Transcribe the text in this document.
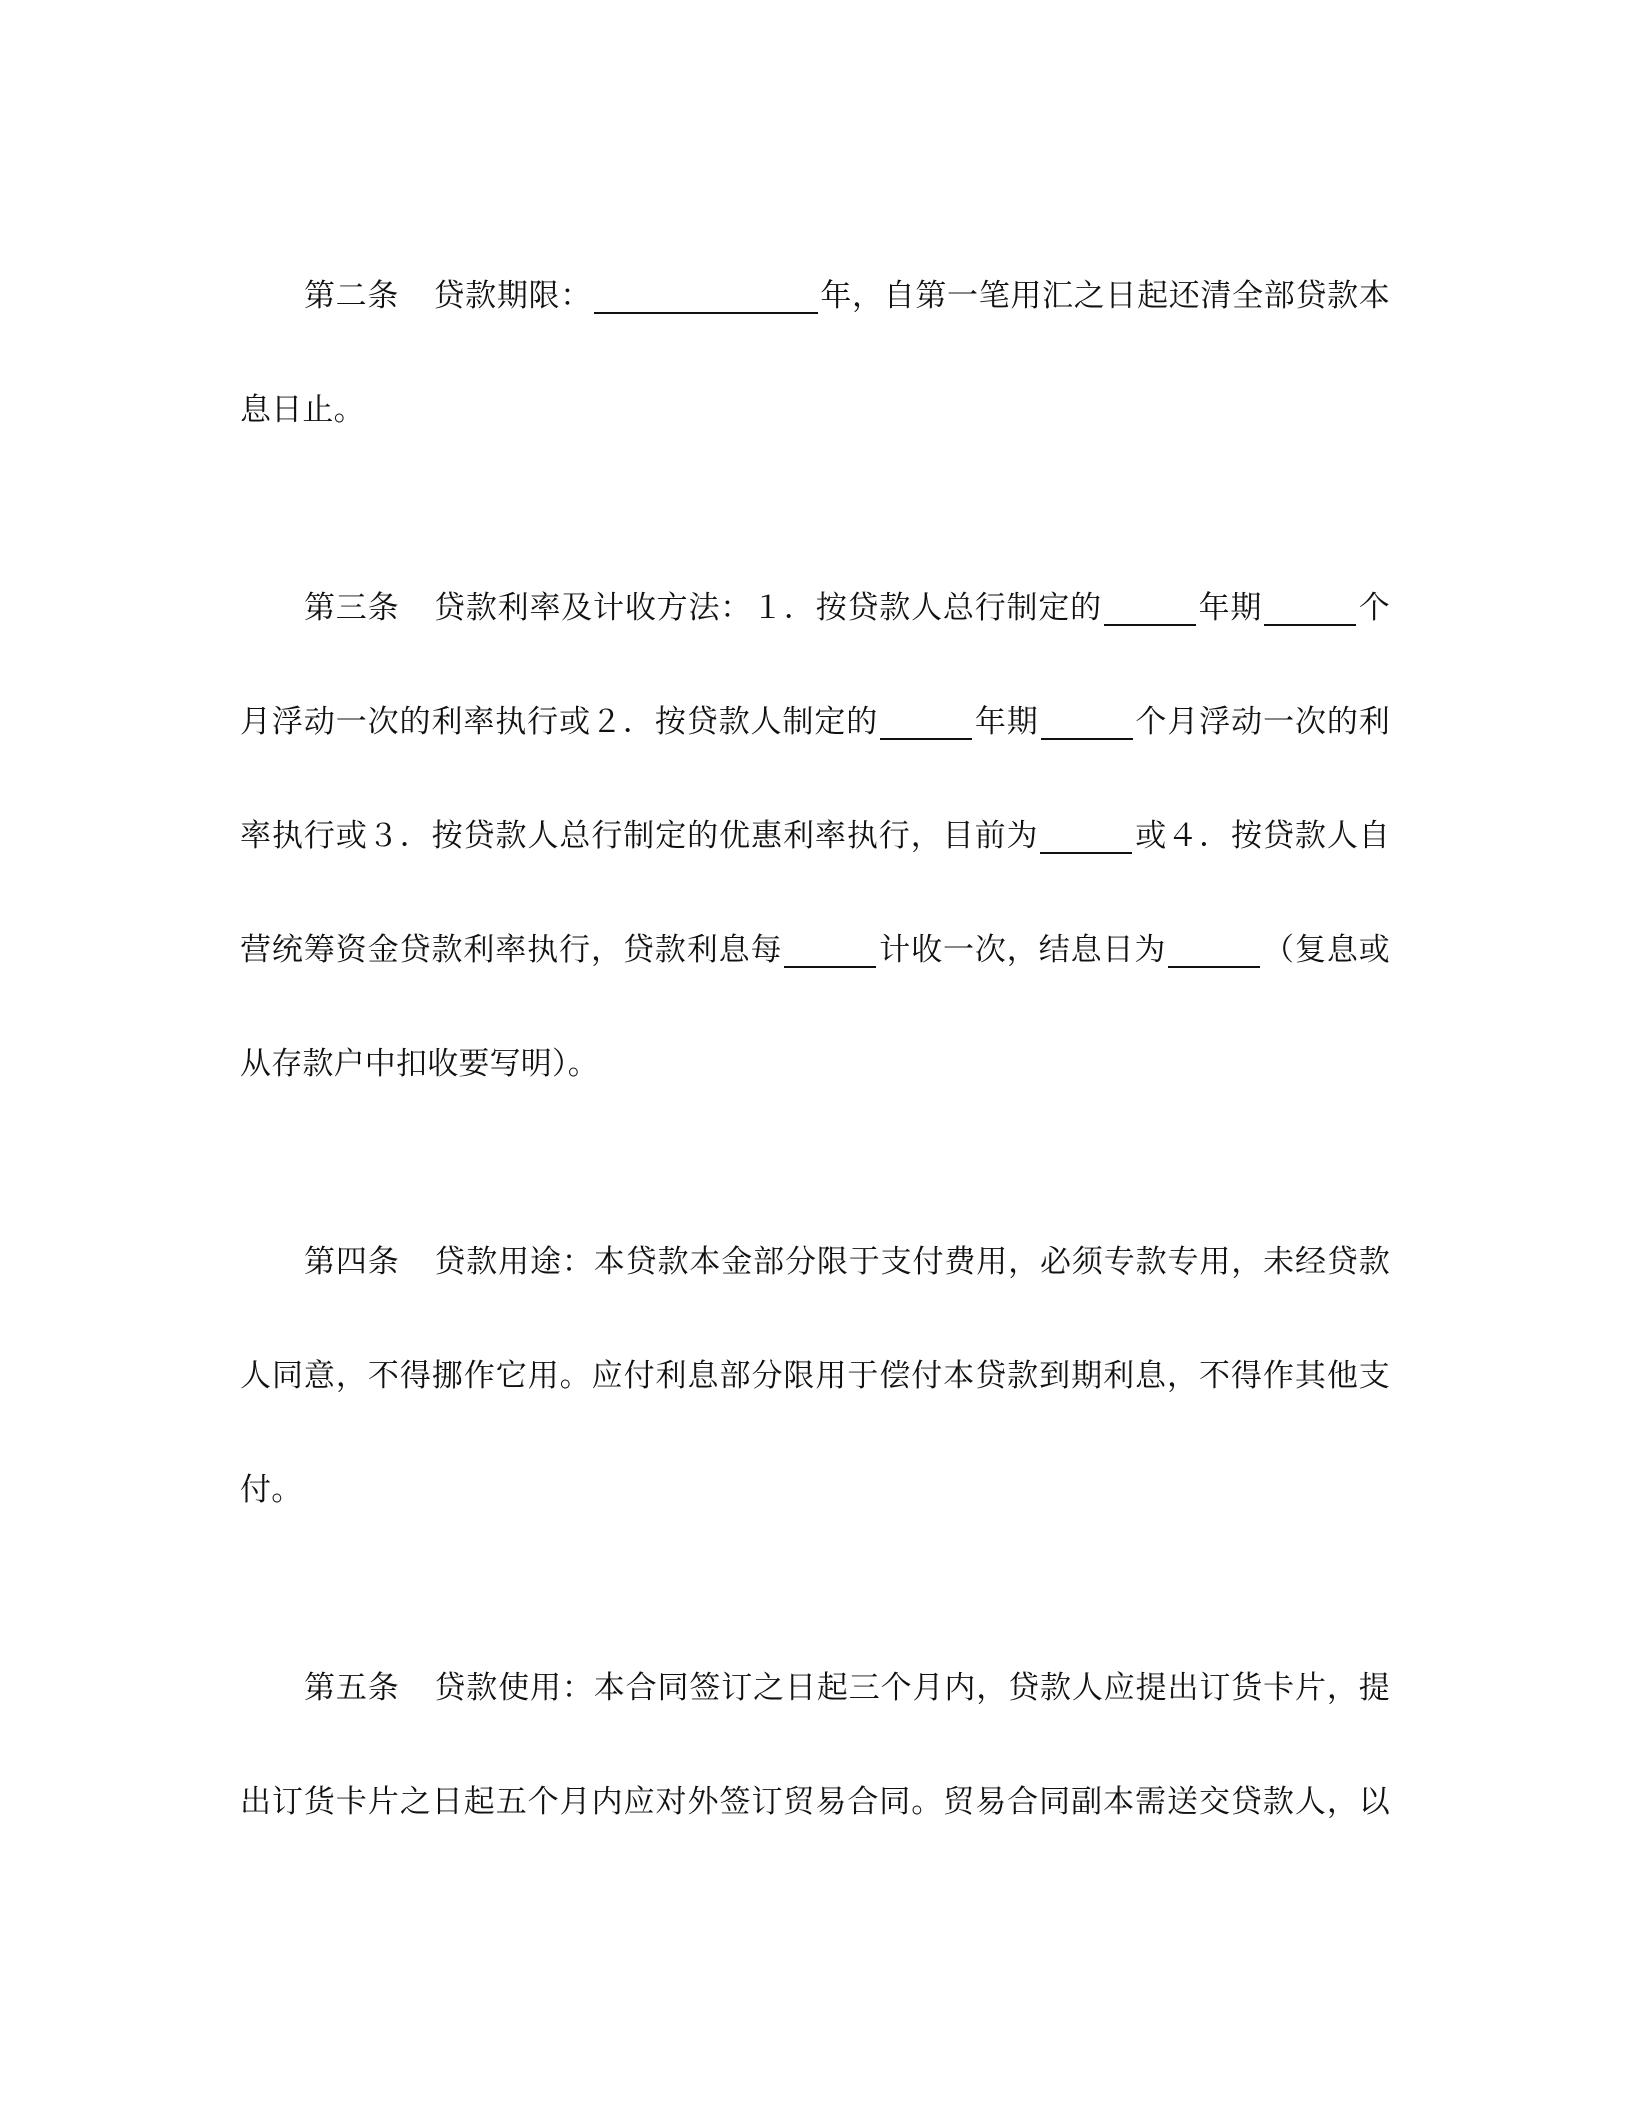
第二条 贷款期限：	年，自第一笔用汇之日起还清全部贷款本
息日止。
第三条 贷款利率及计收方法：１．按贷款人总行制定的	年期	个
月浮动一次的利率执行或２．按贷款人制定的	年期	个月浮动一次的利
率执行或３．按贷款人总行制定的优惠利率执行，目前为	或４．按贷款人自
营统筹资金贷款利率执行，贷款利息每	计收一次，结息日为	（复息或
从存款户中扣收要写明）。
第四条 贷款用途：本贷款本金部分限于支付费用，必须专款专用，未经贷款
人同意，不得挪作它用。应付利息部分限用于偿付本贷款到期利息，不得作其他支
付。
第五条 贷款使用：本合同签订之日起三个月内，贷款人应提出订货卡片，提
出订货卡片之日起五个月内应对外签订贸易合同。贸易合同副本需送交贷款人，以
